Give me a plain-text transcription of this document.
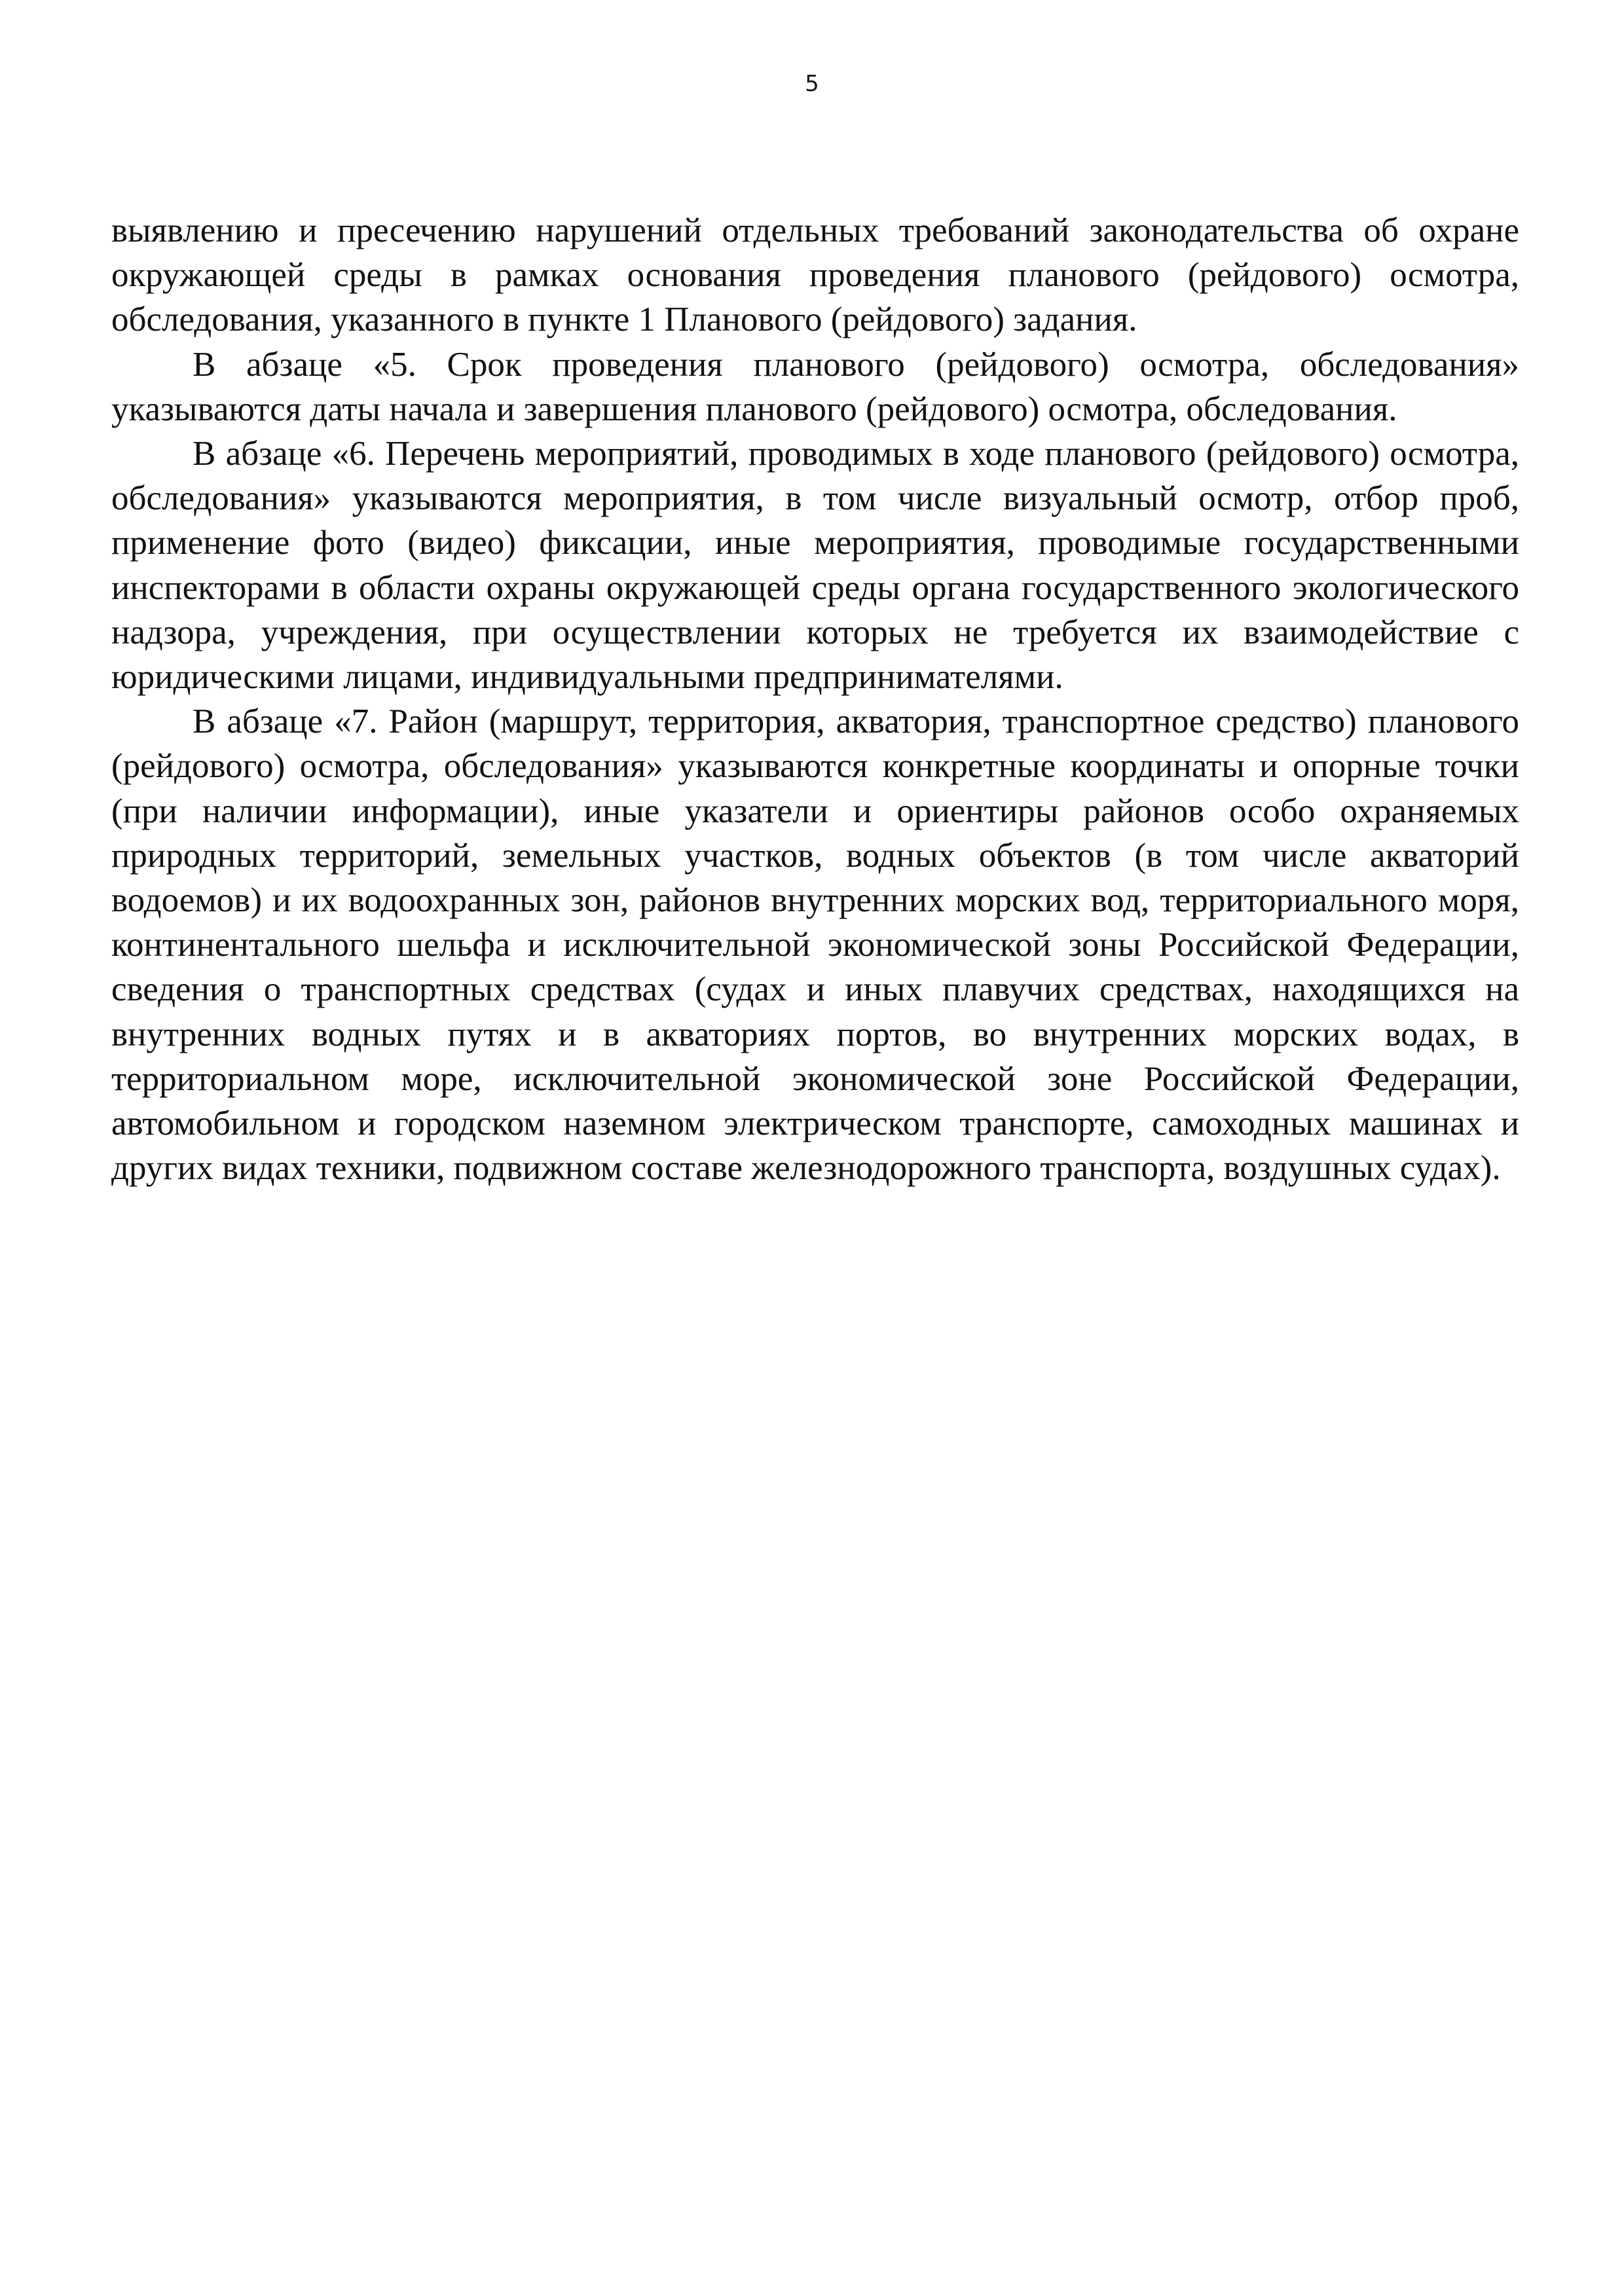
5

выявлению и пресечению нарушений отдельных требований законодательства об охране окружающей среды в рамках основания проведения планового (рейдового) осмотра, обследования, указанного в пункте 1 Планового (рейдового) задания.

В абзаце «5. Срок проведения планового (рейдового) осмотра, обследования» указываются даты начала и завершения планового (рейдового) осмотра, обследования.

В абзаце «6. Перечень мероприятий, проводимых в ходе планового (рейдового) осмотра, обследования» указываются мероприятия, в том числе визуальный осмотр, отбор проб, применение фото (видео) фиксации, иные мероприятия, проводимые государственными инспекторами в области охраны окружающей среды органа государственного экологического надзора, учреждения, при осуществлении которых не требуется их взаимодействие с юридическими лицами, индивидуальными предпринимателями.

В абзаце «7. Район (маршрут, территория, акватория, транспортное средство) планового (рейдового) осмотра, обследования» указываются конкретные координаты и опорные точки (при наличии информации), иные указатели и ориентиры районов особо охраняемых природных территорий, земельных участков, водных объектов (в том числе акваторий водоемов) и их водоохранных зон, районов внутренних морских вод, территориального моря, континентального шельфа и исключительной экономической зоны Российской Федерации, сведения о транспортных средствах (судах и иных плавучих средствах, находящихся на внутренних водных путях и в акваториях портов, во внутренних морских водах, в территориальном море, исключительной экономической зоне Российской Федерации, автомобильном и городском наземном электрическом транспорте, самоходных машинах и других видах техники, подвижном составе железнодорожного транспорта, воздушных судах).
